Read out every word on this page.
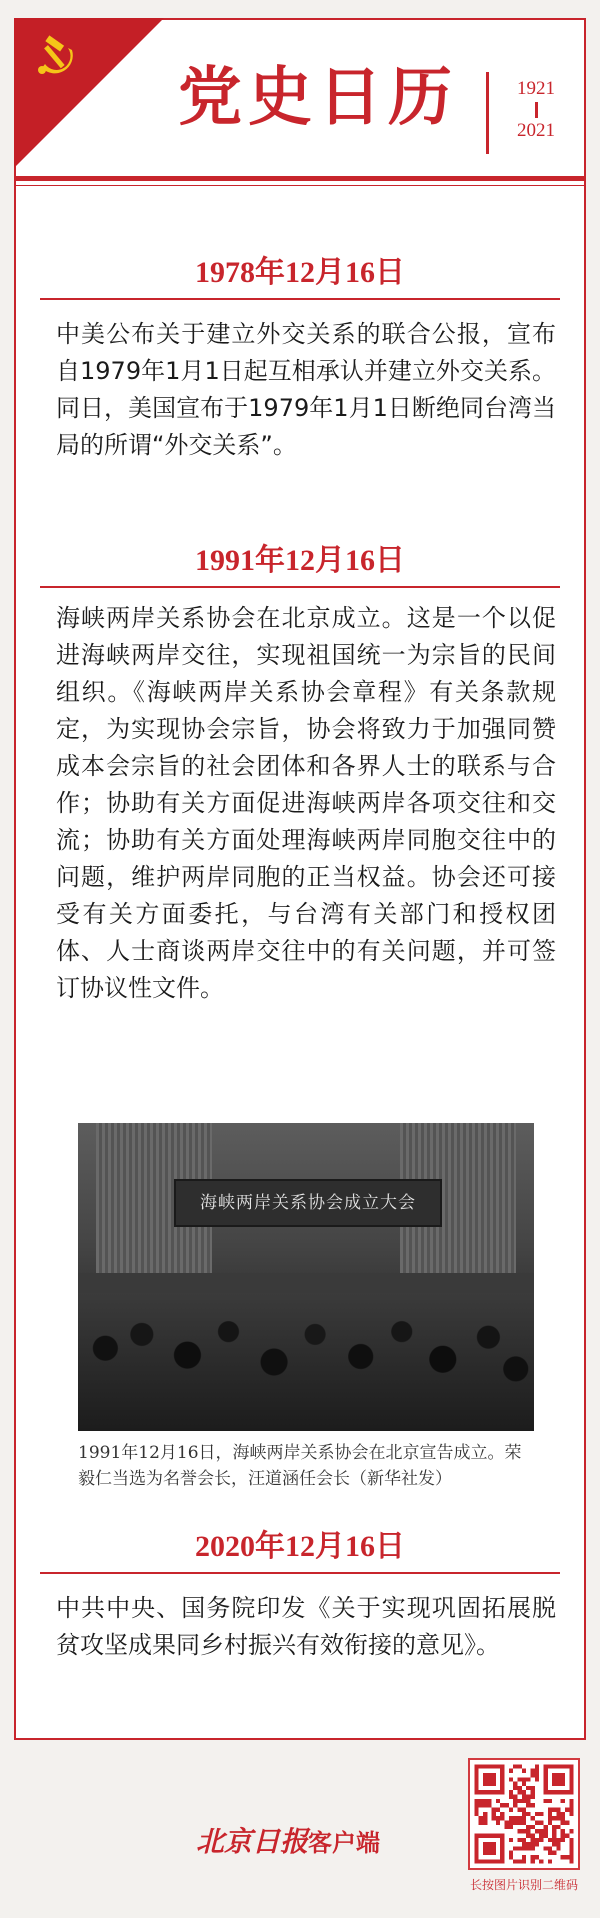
党史日历	1921
2021
1978年12月16日
中美公布关于建立外交关系的联合公报，宣布自1979年1月1日起互相承认并建立外交关系。同日，美国宣布于1979年1月1日断绝同台湾当局的所谓“外交关系”。
1991年12月16日
海峡两岸关系协会在北京成立。这是一个以促进海峡两岸交往，实现祖国统一为宗旨的民间组织。《海峡两岸关系协会章程》有关条款规定，为实现协会宗旨，协会将致力于加强同赞成本会宗旨的社会团体和各界人士的联系与合作；协助有关方面促进海峡两岸各项交往和交流；协助有关方面处理海峡两岸同胞交往中的问题，维护两岸同胞的正当权益。协会还可接受有关方面委托，与台湾有关部门和授权团体、人士商谈两岸交往中的有关问题，并可签订协议性文件。
海峡两岸关系协会成立大会
1991年12月16日，海峡两岸关系协会在北京宣告成立。荣毅仁当选为名誉会长，汪道涵任会长（新华社发）
2020年12月16日
中共中央、国务院印发《关于实现巩固拓展脱贫攻坚成果同乡村振兴有效衔接的意见》。
北京日报客户端
长按图片识别二维码
